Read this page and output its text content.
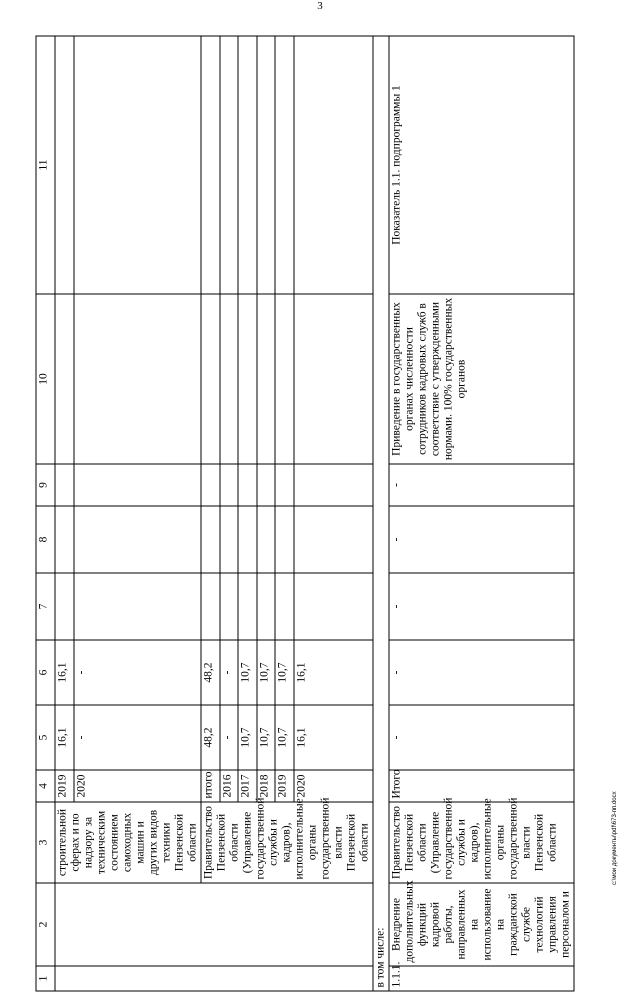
3
1	2	3	4	5	6	7	8	9	10	11
		строительной сферах и по надзору за техническим состоянием самоходных машин и других видов техники Пензенской области	2019	16,1	16,1					
			2020	-	-					
		Правительство Пензенской области (Управление государственной службы и кадров), исполнительные органы государственной власти Пензенской области	итого	48,2	48,2					
			2016	-	-					
			2017	10,7	10,7					
			2018	10,7	10,7					
			2019	10,7	10,7					
			2020	16,1	16,1					
в том числе:										
1.1.1.	Внедрение дополнительных функций кадровой работы, направленных на использование на гражданской службе технологий управления персоналом и	Правительство Пензенской области (Управление государственной службы и кадров), исполнительные органы государственной власти Пензенской области	Итого	-	-	-	-	-	Приведение в государственных органах численности сотрудников кадровых служб в соответствие с утвержденными нормами. 100% государственных органов	Показатель 1.1. подпрограммы 1
c:\мои документы\pdf\673-пп.docx
